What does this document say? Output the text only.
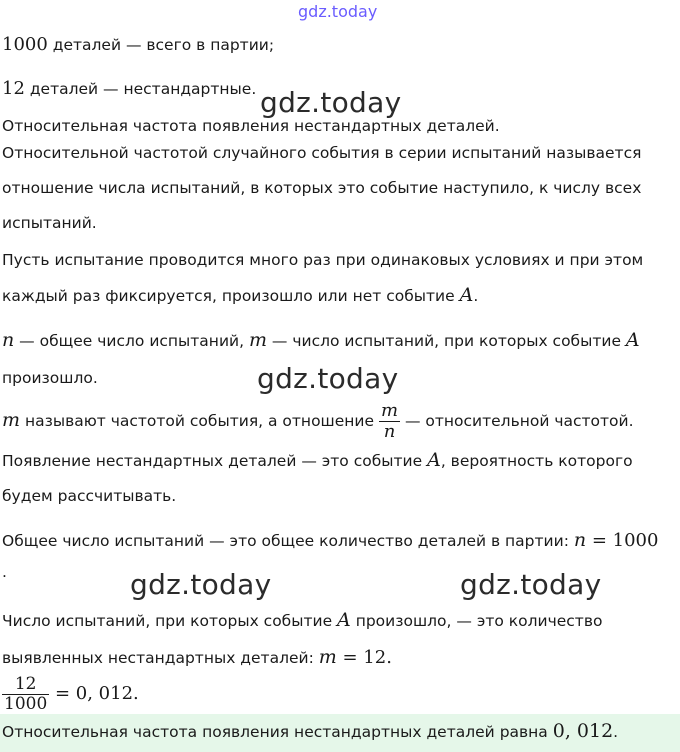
gdz.today
gdz.today
gdz.today
gdz.today	gdz.today
1000 деталей — всего в партии;
12 деталей — нестандартные.
Относительная частота появления нестандартных деталей.
Относительной частотой случайного события в серии испытаний называется
отношение числа испытаний, в которых это событие наступило, к числу всех
испытаний.
Пусть испытание проводится много раз при одинаковых условиях и при этом
каждый раз фиксируется, произошло или нет событие A.
n — общее число испытаний, m — число испытаний, при которых событие A
произошло.
m называют частотой события, а отношение $\frac{m}{n}$ — относительной частотой.
Появление нестандартных деталей — это событие A, вероятность которого
будем рассчитывать.
Общее число испытаний — это общее количество деталей в партии: n = 1000
.
Число испытаний, при которых событие A произошло, — это количество
выявленных нестандартных деталей: m = 12.
$\frac{12}{1000} = 0$, 012.
Относительная частота появления нестандартных деталей равна 0, 012.
